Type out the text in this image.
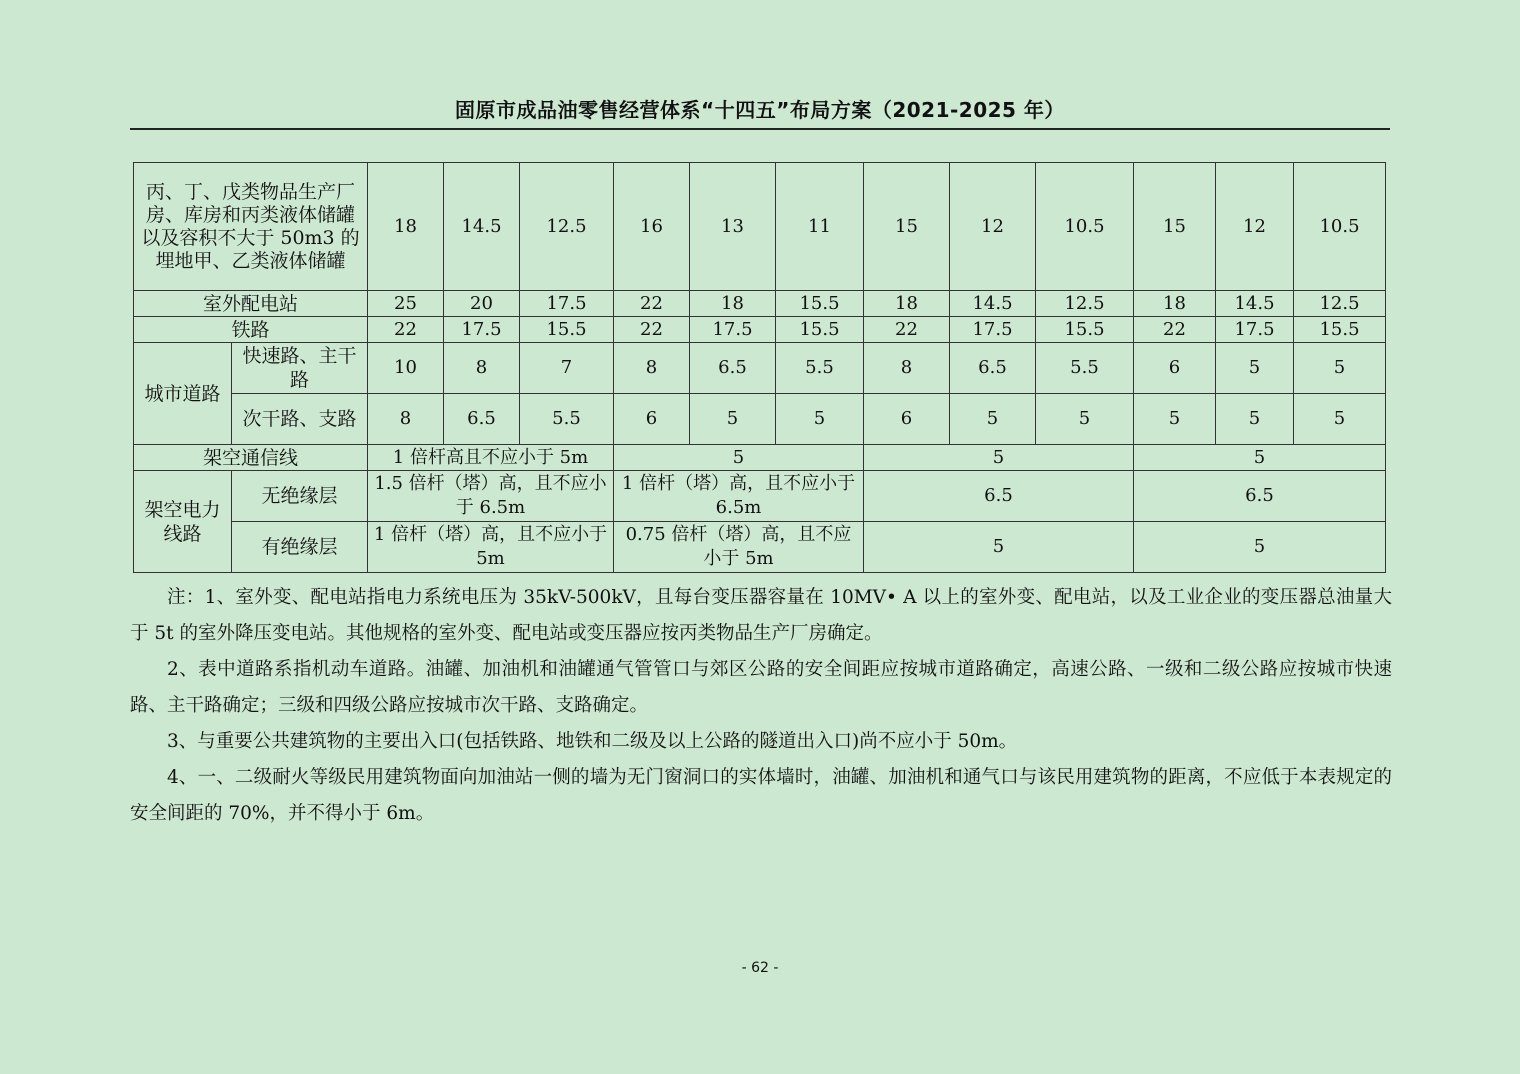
固原市成品油零售经营体系“十四五”布局方案（2021-2025 年）
丙、丁、戊类物品生产厂房、库房和丙类液体储罐以及容积不大于 50m3 的埋地甲、乙类液体储罐		18	14.5	12.5	16	13	11	15	12	10.5	15	12	10.5
室外配电站		25	20	17.5	22	18	15.5	18	14.5	12.5	18	14.5	12.5
铁路		22	17.5	15.5	22	17.5	15.5	22	17.5	15.5	22	17.5	15.5
城市道路	快速路、主干路	10	8	7	8	6.5	5.5	8	6.5	5.5	6	5	5
	次干路、支路	8	6.5	5.5	6	5	5	6	5	5	5	5	5
架空通信线		1 倍杆高且不应小于 5m			5			5			5		
架空电力线路	无绝缘层	1.5 倍杆（塔）高，且不应小于 6.5m			1 倍杆（塔）高，且不应小于 6.5m			6.5			6.5		
	有绝缘层	1 倍杆（塔）高，且不应小于 5m			0.75 倍杆（塔）高，且不应小于 5m			5			5		

注：1、室外变、配电站指电力系统电压为 35kV-500kV，且每台变压器容量在 10MV• A 以上的室外变、配电站，以及工业企业的变压器总油量大于 5t 的室外降压变电站。其他规格的室外变、配电站或变压器应按丙类物品生产厂房确定。

2、表中道路系指机动车道路。油罐、加油机和油罐通气管管口与郊区公路的安全间距应按城市道路确定，高速公路、一级和二级公路应按城市快速路、主干路确定；三级和四级公路应按城市次干路、支路确定。

3、与重要公共建筑物的主要出入口(包括铁路、地铁和二级及以上公路的隧道出入口)尚不应小于 50m。

4、一、二级耐火等级民用建筑物面向加油站一侧的墙为无门窗洞口的实体墙时，油罐、加油机和通气口与该民用建筑物的距离，不应低于本表规定的安全间距的 70%，并不得小于 6m。

- 62 -
